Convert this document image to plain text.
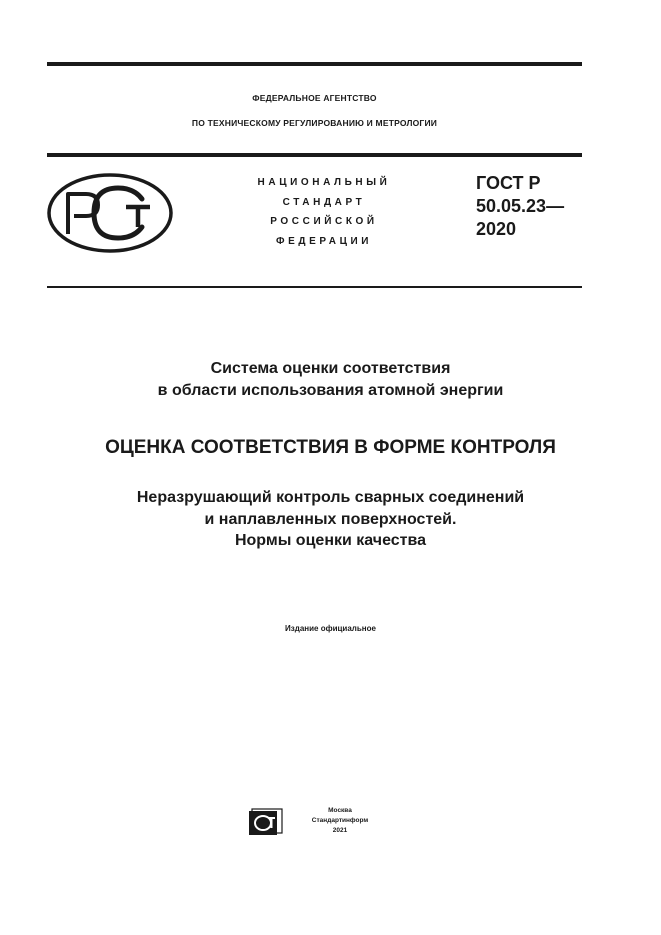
ФЕДЕРАЛЬНОЕ АГЕНТСТВО
ПО ТЕХНИЧЕСКОМУ РЕГУЛИРОВАНИЮ И МЕТРОЛОГИИ
НАЦИОНАЛЬНЫЙ
СТАНДАРТ
РОССИЙСКОЙ
ФЕДЕРАЦИИ
ГОСТ Р
50.05.23—
2020
Система оценки соответствия
в области использования атомной энергии
ОЦЕНКА СООТВЕТСТВИЯ В ФОРМЕ КОНТРОЛЯ
Неразрушающий контроль сварных соединений
и наплавленных поверхностей.
Нормы оценки качества
Издание официальное
Москва
Стандартинформ
2021
